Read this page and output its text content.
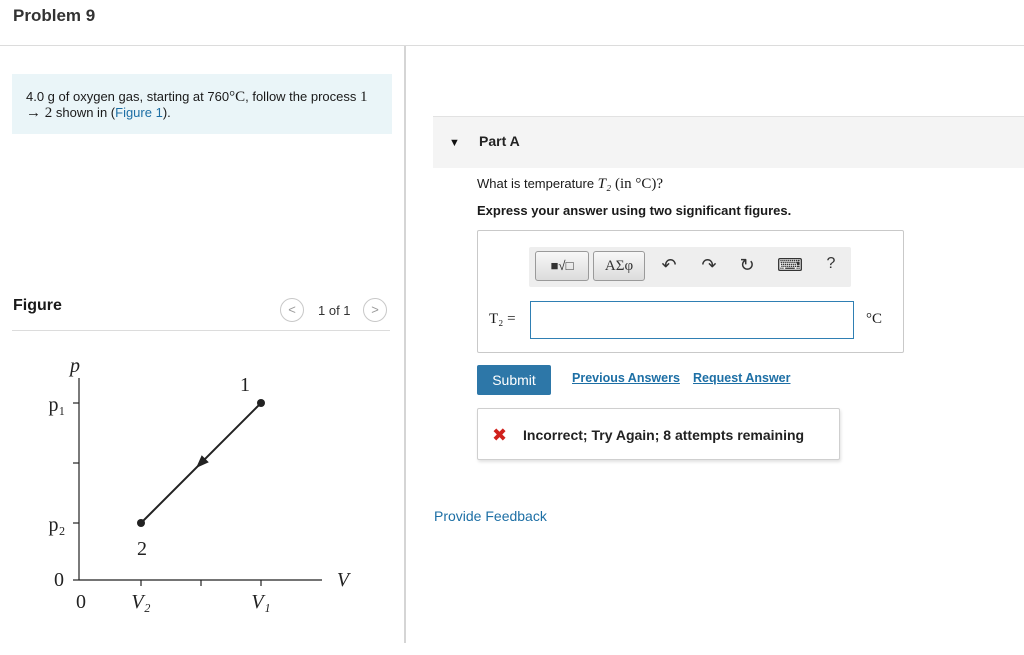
Problem 9
4.0 g of oxygen gas, starting at 760°C, follow the process 1 → 2 shown in (Figure 1).
Figure	<	1 of 1	>
p
V
p₁
p₂
0
0 V₂	V₁
1
2
▼ Part A
What is temperature T₂ (in °C)?
Express your answer using two significant figures.
■√□	ΑΣφ	↶ ↷ ↻ ⌨	?
T₂ =	°C
Submit	Previous Answers Request Answer
✖ Incorrect; Try Again; 8 attempts remaining
Provide Feedback
